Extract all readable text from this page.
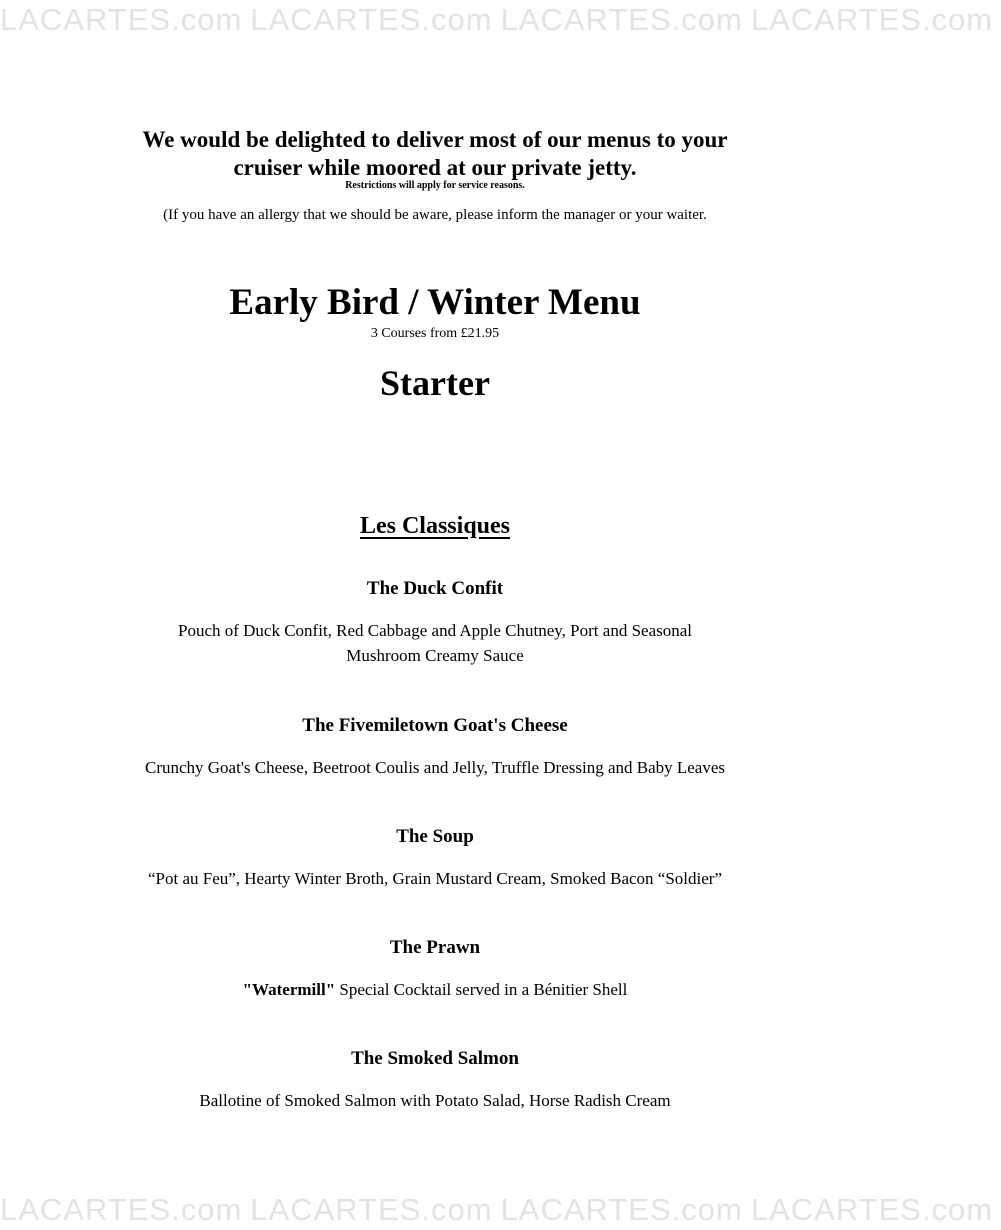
LACARTES.com LACARTES.com LACARTES.com LACARTES.com
LACARTES.com LACARTES.com LACARTES.com LACARTES.com
We would be delighted to deliver most of our menus to your
cruiser while moored at our private jetty.
Restrictions will apply for service reasons.
(If you have an allergy that we should be aware, please inform the manager or your waiter.
Early Bird / Winter Menu
3 Courses from £21.95
Starter
Les Classiques
The Duck Confit
Pouch of Duck Confit, Red Cabbage and Apple Chutney, Port and Seasonal
Mushroom Creamy Sauce
The Fivemiletown Goat's Cheese
Crunchy Goat's Cheese, Beetroot Coulis and Jelly, Truffle Dressing and Baby Leaves
The Soup
“Pot au Feu”, Hearty Winter Broth, Grain Mustard Cream, Smoked Bacon “Soldier”
The Prawn
"Watermill" Special Cocktail served in a Bénitier Shell
The Smoked Salmon
Ballotine of Smoked Salmon with Potato Salad, Horse Radish Cream
